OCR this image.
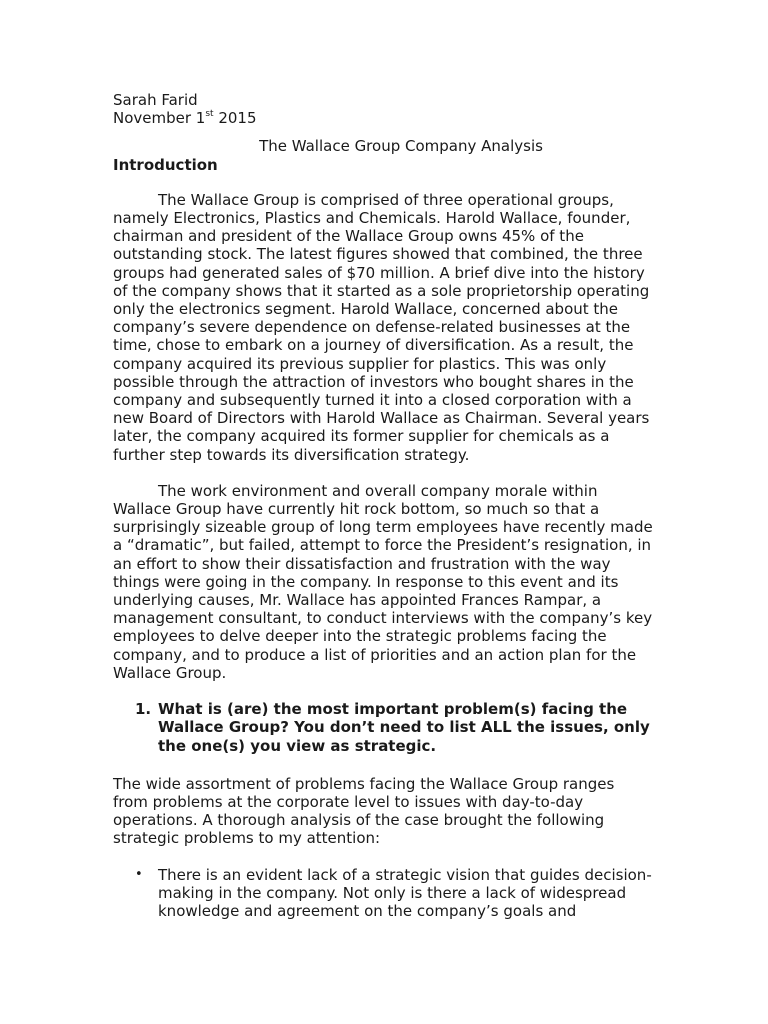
Sarah Farid
November 1st 2015
The Wallace Group Company Analysis
Introduction
The Wallace Group is comprised of three operational groups,
namely Electronics, Plastics and Chemicals. Harold Wallace, founder,
chairman and president of the Wallace Group owns 45% of the
outstanding stock. The latest figures showed that combined, the three
groups had generated sales of $70 million. A brief dive into the history
of the company shows that it started as a sole proprietorship operating
only the electronics segment. Harold Wallace, concerned about the
company’s severe dependence on defense-related businesses at the
time, chose to embark on a journey of diversification. As a result, the
company acquired its previous supplier for plastics. This was only
possible through the attraction of investors who bought shares in the
company and subsequently turned it into a closed corporation with a
new Board of Directors with Harold Wallace as Chairman. Several years
later, the company acquired its former supplier for chemicals as a
further step towards its diversification strategy.
The work environment and overall company morale within
Wallace Group have currently hit rock bottom, so much so that a
surprisingly sizeable group of long term employees have recently made
a “dramatic”, but failed, attempt to force the President’s resignation, in
an effort to show their dissatisfaction and frustration with the way
things were going in the company. In response to this event and its
underlying causes, Mr. Wallace has appointed Frances Rampar, a
management consultant, to conduct interviews with the company’s key
employees to delve deeper into the strategic problems facing the
company, and to produce a list of priorities and an action plan for the
Wallace Group.
1. What is (are) the most important problem(s) facing the
Wallace Group? You don’t need to list ALL the issues, only
the one(s) you view as strategic.
The wide assortment of problems facing the Wallace Group ranges
from problems at the corporate level to issues with day-to-day
operations. A thorough analysis of the case brought the following
strategic problems to my attention:
• There is an evident lack of a strategic vision that guides decision-
making in the company. Not only is there a lack of widespread
knowledge and agreement on the company’s goals and
